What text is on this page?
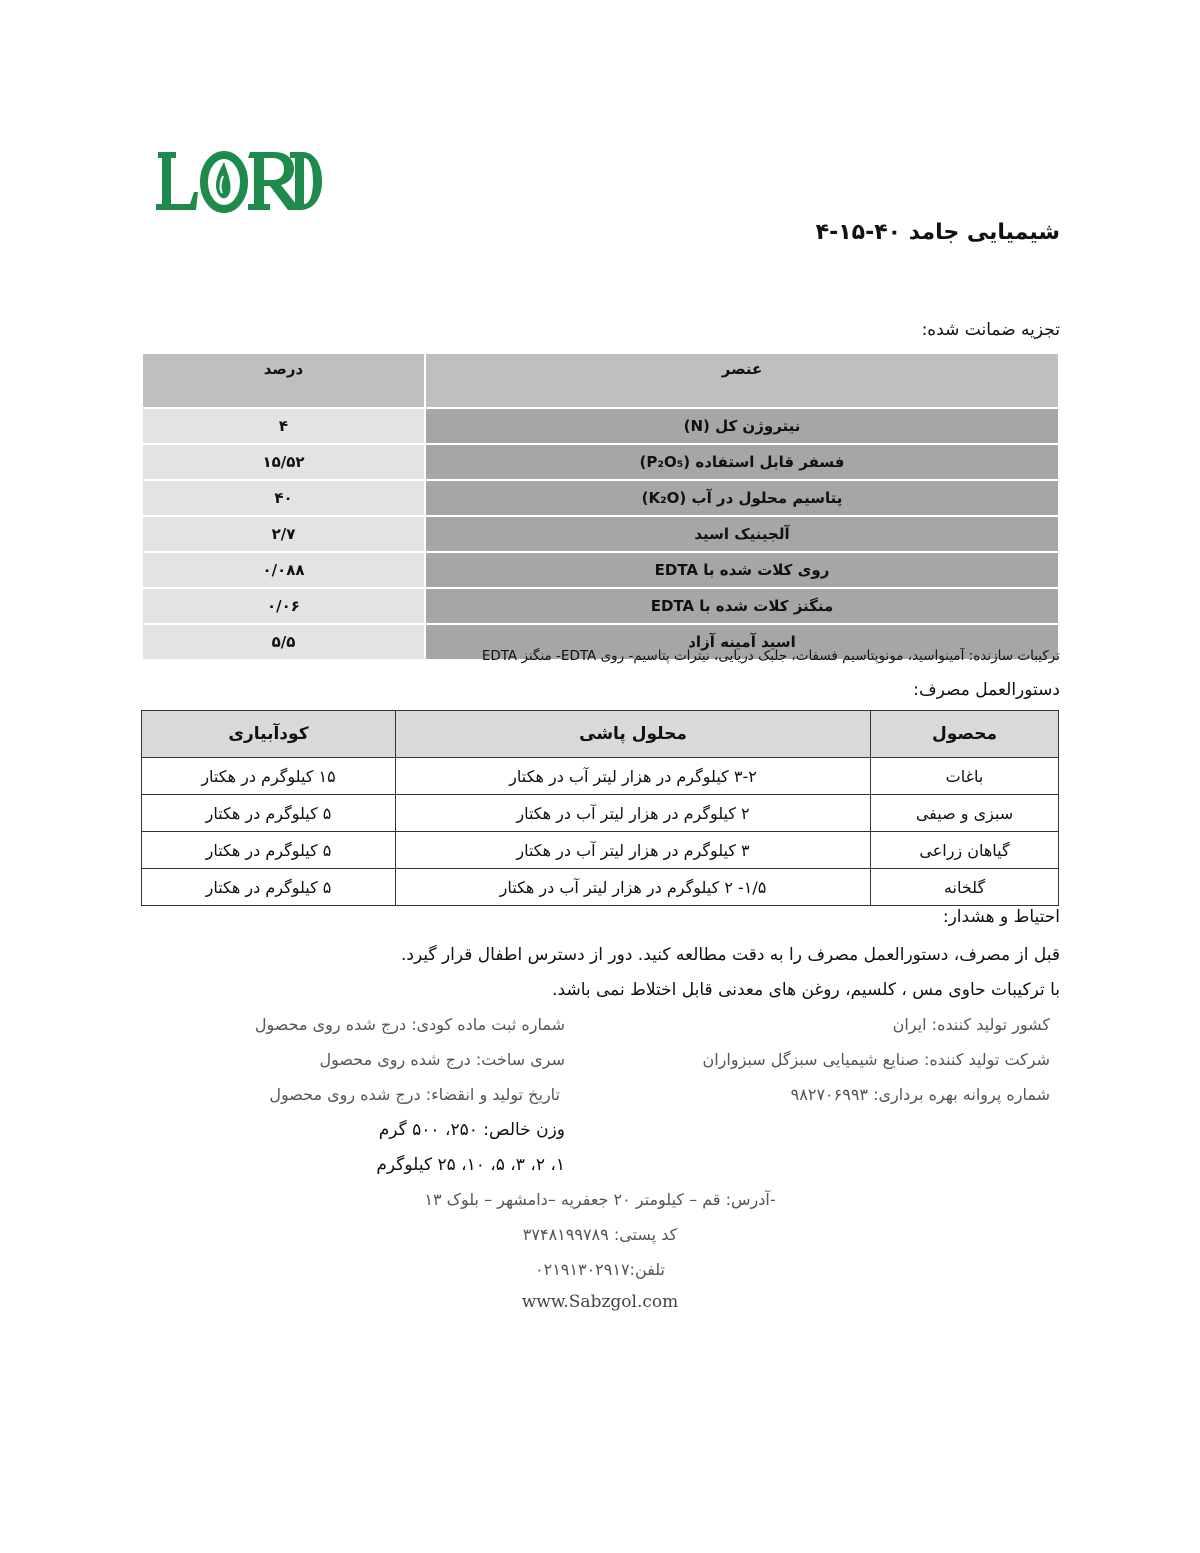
شیمیایی جامد ۴۰-۱۵-۴
تجزیه ضمانت شده:
عنصر	درصد
نیتروژن کل (N)	۴
فسفر قابل استفاده (P₂O₅)	۱۵/۵۲
پتاسیم محلول در آب (K₂O)	۴۰
آلجینیک اسید	۲/۷
روی کلات شده با EDTA	۰/۰۸۸
منگنز کلات شده با EDTA	۰/۰۶
اسید آمینه آزاد	۵/۵
ترکیبات سازنده: آمینواسید، مونوپتاسیم فسفات، جلبک دریایی، نیترات پتاسیم- روی EDTA- منگنز EDTA
دستورالعمل مصرف:
محصول	محلول پاشی	کودآبیاری
باغات	۳-۲ کیلوگرم در هزار لیتر آب در هکتار	۱۵ کیلوگرم در هکتار
سبزی و صیفی	۲ کیلوگرم در هزار لیتر آب در هکتار	۵ کیلوگرم در هکتار
گیاهان زراعی	۳ کیلوگرم در هزار لیتر آب در هکتار	۵ کیلوگرم در هکتار
گلخانه	۱/۵- ۲ کیلوگرم در هزار لیتر آب در هکتار	۵ کیلوگرم در هکتار
احتیاط و هشدار:
قبل از مصرف، دستورالعمل مصرف را به دقت مطالعه کنید. دور از دسترس اطفال قرار گیرد.
با ترکیبات حاوی مس ، کلسیم، روغن های معدنی قابل اختلاط نمی باشد.
کشور تولید کننده: ایران
شرکت تولید کننده: صنایع شیمیایی سبزگل سبزواران
شماره پروانه بهره برداری: ۹۸۲۷۰۶۹۹۳
شماره ثبت ماده کودی: درج شده روی محصول
سری ساخت: درج شده روی محصول
تاریخ تولید و انقضاء: درج شده روی محصول
وزن خالص: ۲۵۰، ۵۰۰ گرم
۱، ۲، ۳، ۵، ۱۰، ۲۵ کیلوگرم
-آدرس: قم – کیلومتر ۲۰ جعفریه –دامشهر – بلوک ۱۳
کد پستی: ۳۷۴۸۱۹۹۷۸۹
تلفن:۰۲۱۹۱۳۰۲۹۱۷
www.Sabzgol.com
